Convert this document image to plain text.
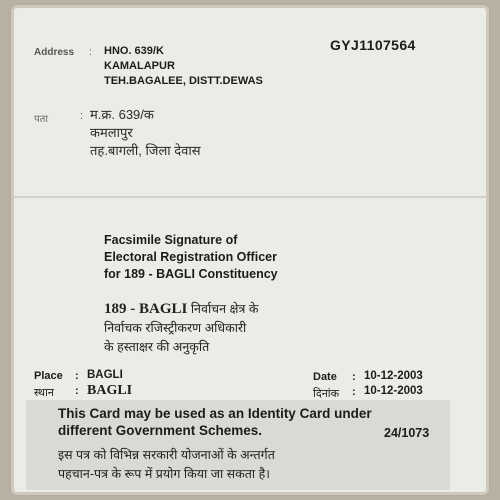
GYJ1107564
Address : HNO. 639/K
KAMALAPUR
TEH.BAGALEE, DISTT.DEWAS
पता	: म.क्र. 639/क
कमलापुर
तह.बागली, जिला देवास
Facsimile Signature of
Electoral Registration Officer
for 189 - BAGLI Constituency
189 - BAGLI निर्वाचन क्षेत्र के
निर्वाचक रजिस्ट्रीकरण अधिकारी
के हस्ताक्षर की अनुकृति
Place : BAGLI
स्थान : BAGLI
Date : 10-12-2003
दिनांक : 10-12-2003
This Card may be used as an Identity Card under
different Government Schemes.	24/1073
इस पत्र को विभिन्न सरकारी योजनाओं के अन्तर्गत
पहचान-पत्र के रूप में प्रयोग किया जा सकता है।
